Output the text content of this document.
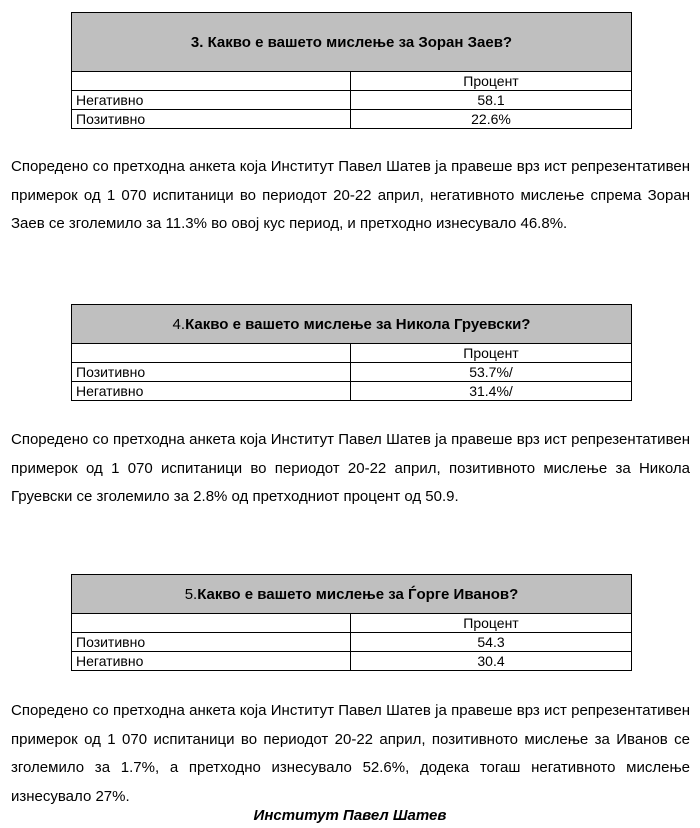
3. Какво е вашето мислење за Зоран Заев?	
	Процент
Негативно	58.1
Позитивно	22.6%

Споредено со претходна анкета која Институт Павел Шатев ја правеше врз ист репрезентативен примерок од 1 070 испитаници во периодот 20-22 април, негативното мислење спрема Зоран Заев се зголемило за 11.3% во овој кус период, и претходно изнесувало 46.8%.

4.Какво е вашето мислење за Никола Груевски?	
	Процент
Позитивно	53.7%/
Негативно	31.4%/

Споредено со претходна анкета која Институт Павел Шатев ја правеше врз ист репрезентативен примерок од 1 070 испитаници во периодот 20-22 април, позитивното мислење за Никола Груевски се зголемило за 2.8% од претходниот процент од 50.9.

5.Какво е вашето мислење за Ѓорге Иванов?	
	Процент
Позитивно	54.3
Негативно	30.4

Споредено со претходна анкета која Институт Павел Шатев ја правеше врз ист репрезентативен примерок од 1 070 испитаници во периодот 20-22 април, позитивното мислење за Иванов се зголемило за 1.7%, а претходно изнесувало 52.6%, додека тогаш негативното мислење изнесувало 27%.

Институт Павел Шатев
